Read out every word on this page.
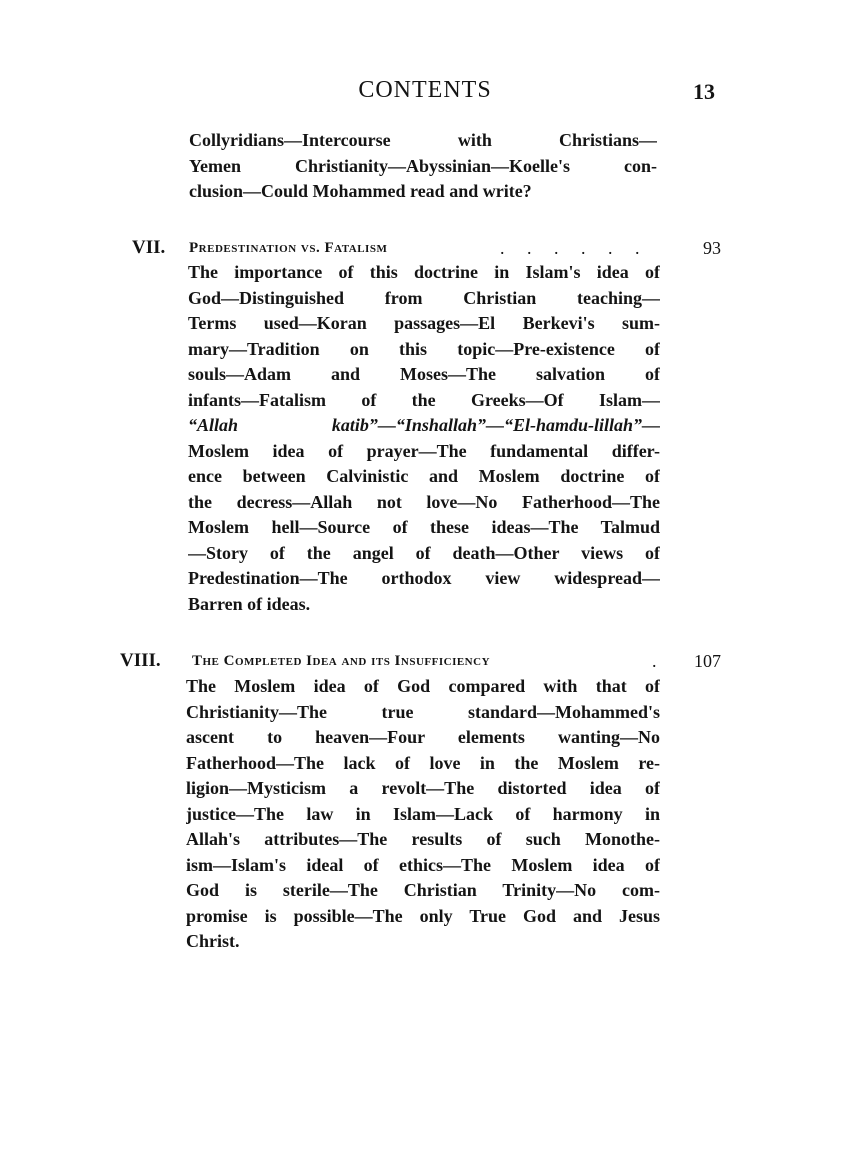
CONTENTS	13
Collyridians—Intercourse with Christians—
Yemen Christianity—Abyssinian—Koelle's con-
clusion—Could Mohammed read and write?
VII. Predestination vs. Fatalism	. . . . . .	93
The importance of this doctrine in Islam's idea of
God—Distinguished from Christian teaching—
Terms used—Koran passages—El Berkevi's sum-
mary—Tradition on this topic—Pre-existence of
souls—Adam and Moses—The salvation of
infants—Fatalism of the Greeks—Of Islam—
“Allah katib”—“Inshallah”—“El-hamdu-lillah”—
Moslem idea of prayer—The fundamental differ-
ence between Calvinistic and Moslem doctrine of
the decress—Allah not love—No Fatherhood—The
Moslem hell—Source of these ideas—The Talmud
—Story of the angel of death—Other views of
Predestination—The orthodox view widespread—
Barren of ideas.
VIII. The Completed Idea and its Insufficiency	. 107
The Moslem idea of God compared with that of
Christianity—The true standard—Mohammed's
ascent to heaven—Four elements wanting—No
Fatherhood—The lack of love in the Moslem re-
ligion—Mysticism a revolt—The distorted idea of
justice—The law in Islam—Lack of harmony in
Allah's attributes—The results of such Monothe-
ism—Islam's ideal of ethics—The Moslem idea of
God is sterile—The Christian Trinity—No com-
promise is possible—The only True God and Jesus
Christ.
